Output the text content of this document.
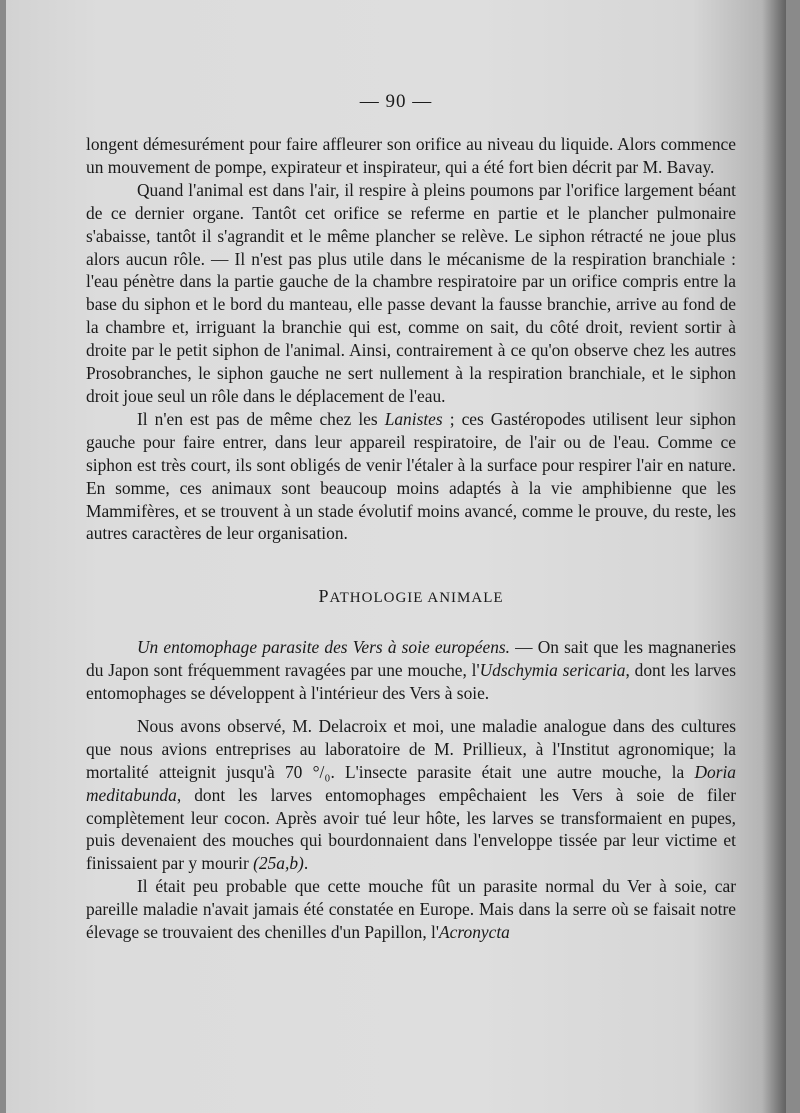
— 90 —

longent démesurément pour faire affleurer son orifice au niveau du liquide. Alors commence un mouvement de pompe, expirateur et inspirateur, qui a été fort bien décrit par M. Bavay.

Quand l'animal est dans l'air, il respire à pleins poumons par l'orifice largement béant de ce dernier organe. Tantôt cet orifice se referme en partie et le plancher pulmonaire s'abaisse, tantôt il s'agrandit et le même plancher se relève. Le siphon rétracté ne joue plus alors aucun rôle. — Il n'est pas plus utile dans le mécanisme de la respiration branchiale : l'eau pénètre dans la partie gauche de la chambre respiratoire par un orifice compris entre la base du siphon et le bord du manteau, elle passe devant la fausse branchie, arrive au fond de la chambre et, irriguant la branchie qui est, comme on sait, du côté droit, revient sortir à droite par le petit siphon de l'animal. Ainsi, contrairement à ce qu'on observe chez les autres Prosobranches, le siphon gauche ne sert nullement à la respiration branchiale, et le siphon droit joue seul un rôle dans le déplacement de l'eau.

Il n'en est pas de même chez les Lanistes ; ces Gastéropodes utilisent leur siphon gauche pour faire entrer, dans leur appareil respiratoire, de l'air ou de l'eau. Comme ce siphon est très court, ils sont obligés de venir l'étaler à la surface pour respirer l'air en nature. En somme, ces animaux sont beaucoup moins adaptés à la vie amphibienne que les Mammifères, et se trouvent à un stade évolutif moins avancé, comme le prouve, du reste, les autres caractères de leur organisation.

PATHOLOGIE ANIMALE

Un entomophage parasite des Vers à soie européens. — On sait que les magnaneries du Japon sont fréquemment ravagées par une mouche, l'Udschymia sericaria, dont les larves entomophages se développent à l'intérieur des Vers à soie.

Nous avons observé, M. Delacroix et moi, une maladie analogue dans des cultures que nous avions entreprises au laboratoire de M. Prillieux, à l'Institut agronomique; la mortalité atteignit jusqu'à 70 °/₀. L'insecte parasite était une autre mouche, la Doria meditabunda, dont les larves entomophages empêchaient les Vers à soie de filer complètement leur cocon. Après avoir tué leur hôte, les larves se transformaient en pupes, puis devenaient des mouches qui bourdonnaient dans l'enveloppe tissée par leur victime et finissaient par y mourir (25a,b).

Il était peu probable que cette mouche fût un parasite normal du Ver à soie, car pareille maladie n'avait jamais été constatée en Europe. Mais dans la serre où se faisait notre élevage se trouvaient des chenilles d'un Papillon, l'Acronycta
